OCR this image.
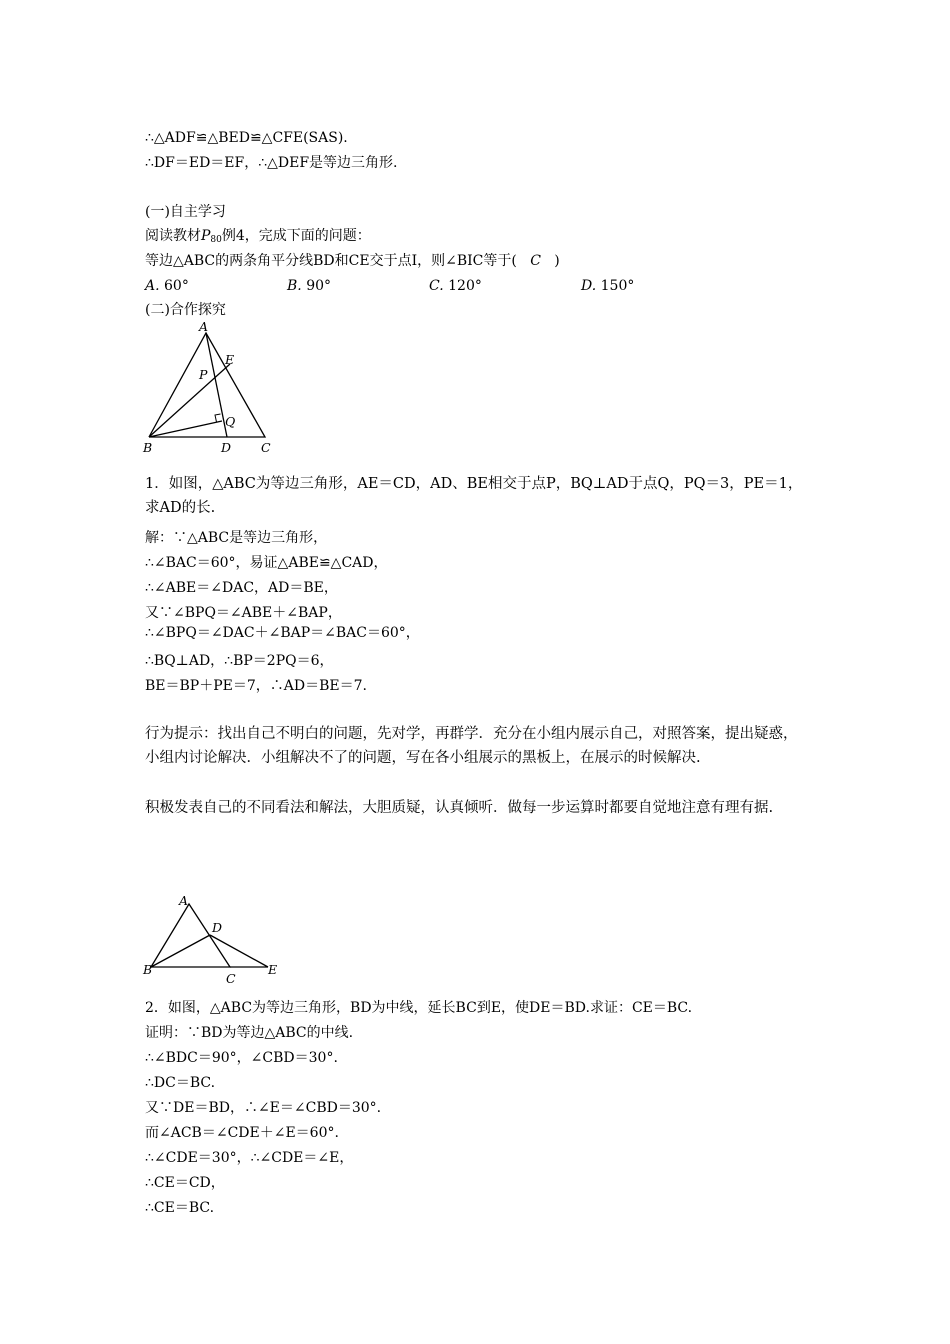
∴△ADF≌△BED≌△CFE(SAS).
∴DF＝ED＝EF，∴△DEF是等边三角形.
(一)自主学习
阅读教材$P_{80}$例4，完成下面的问题：
等边△ABC的两条角平分线BD和CE交于点I，则∠BIC等于( C )
A. 60°	B. 90°	C. 120°	D. 150°
(二)合作探究
A
E
P
Q
B	D C
1．如图，△ABC为等边三角形，AE＝CD，AD、BE相交于点P，BQ⊥AD于点Q，PQ＝3，PE＝1，求AD的长.
解：∵△ABC是等边三角形，
∴∠BAC＝60°，易证△ABE≌△CAD，
∴∠ABE＝∠DAC，AD＝BE，
又∵∠BPQ＝∠ABE＋∠BAP，
∴∠BPQ＝∠DAC＋∠BAP＝∠BAC＝60°，
∴BQ⊥AD，∴BP＝2PQ＝6，
BE＝BP＋PE＝7，∴AD＝BE＝7.
行为提示：找出自己不明白的问题，先对学，再群学．充分在小组内展示自己，对照答案，提出疑惑，小组内讨论解决．小组解决不了的问题，写在各小组展示的黑板上，在展示的时候解决.
积极发表自己的不同看法和解法，大胆质疑，认真倾听．做每一步运算时都要自觉地注意有理有据.
A
D
B
C
E
2．如图，△ABC为等边三角形，BD为中线，延长BC到E，使DE＝BD.求证：CE＝BC.
证明：∵BD为等边△ABC的中线.
∴∠BDC＝90°，∠CBD＝30°.
∴DC＝BC.
又∵DE＝BD，∴∠E＝∠CBD＝30°.
而∠ACB＝∠CDE＋∠E＝60°.
∴∠CDE＝30°，∴∠CDE＝∠E，
∴CE＝CD，
∴CE＝BC.
